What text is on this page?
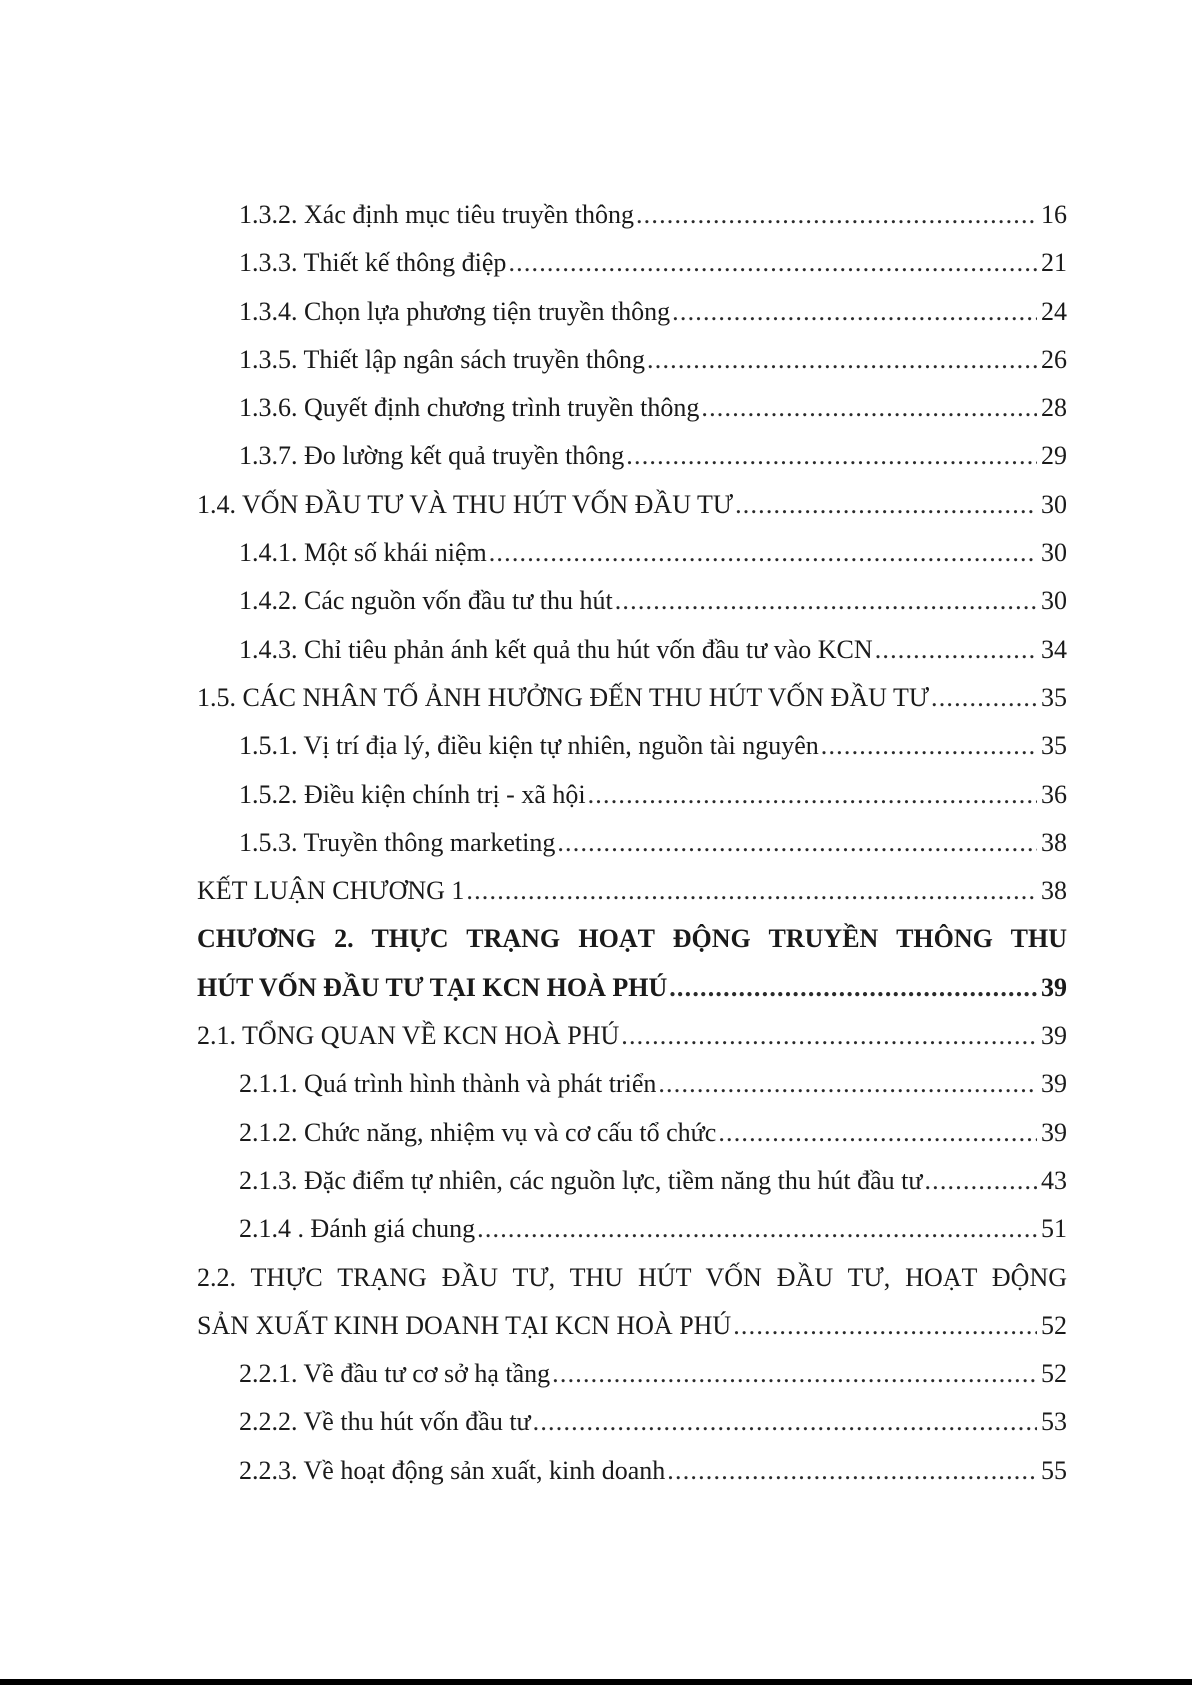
1.3.2. Xác định mục tiêu truyền thông .....	16
1.3.3. Thiết kế thông điệp .....	21
1.3.4. Chọn lựa phương tiện truyền thông .....	24
1.3.5. Thiết lập ngân sách truyền thông .....	26
1.3.6. Quyết định chương trình truyền thông .....	28
1.3.7. Đo lường kết quả truyền thông .....	29
1.4. VỐN ĐẦU TƯ VÀ THU HÚT VỐN ĐẦU TƯ .....	30
1.4.1. Một số khái niệm .....	30
1.4.2. Các nguồn vốn đầu tư thu hút .....	30
1.4.3. Chỉ tiêu phản ánh kết quả thu hút vốn đầu tư vào KCN .....	34
1.5. CÁC NHÂN TỐ ẢNH HƯỞNG ĐẾN THU HÚT VỐN ĐẦU TƯ .....	35
1.5.1. Vị trí địa lý, điều kiện tự nhiên, nguồn tài nguyên .....	35
1.5.2. Điều kiện chính trị - xã hội .....	36
1.5.3. Truyền thông marketing .....	38
KẾT LUẬN CHƯƠNG 1 .....	38
CHƯƠNG 2. THỰC TRẠNG HOẠT ĐỘNG TRUYỀN THÔNG THU
HÚT VỐN ĐẦU TƯ TẠI KCN HOÀ PHÚ .....	39
2.1. TỔNG QUAN VỀ KCN HOÀ PHÚ .....	39
2.1.1. Quá trình hình thành và phát triển .....	39
2.1.2. Chức năng, nhiệm vụ và cơ cấu tổ chức .....	39
2.1.3. Đặc điểm tự nhiên, các nguồn lực, tiềm năng thu hút đầu tư .....	43
2.1.4 . Đánh giá chung .....	51
2.2. THỰC TRẠNG ĐẦU TƯ, THU HÚT VỐN ĐẦU TƯ, HOẠT ĐỘNG
SẢN XUẤT KINH DOANH TẠI KCN HOÀ PHÚ .....	52
2.2.1. Về đầu tư cơ sở hạ tầng .....	52
2.2.2. Về thu hút vốn đầu tư .....	53
2.2.3. Về hoạt động sản xuất, kinh doanh .....	55
